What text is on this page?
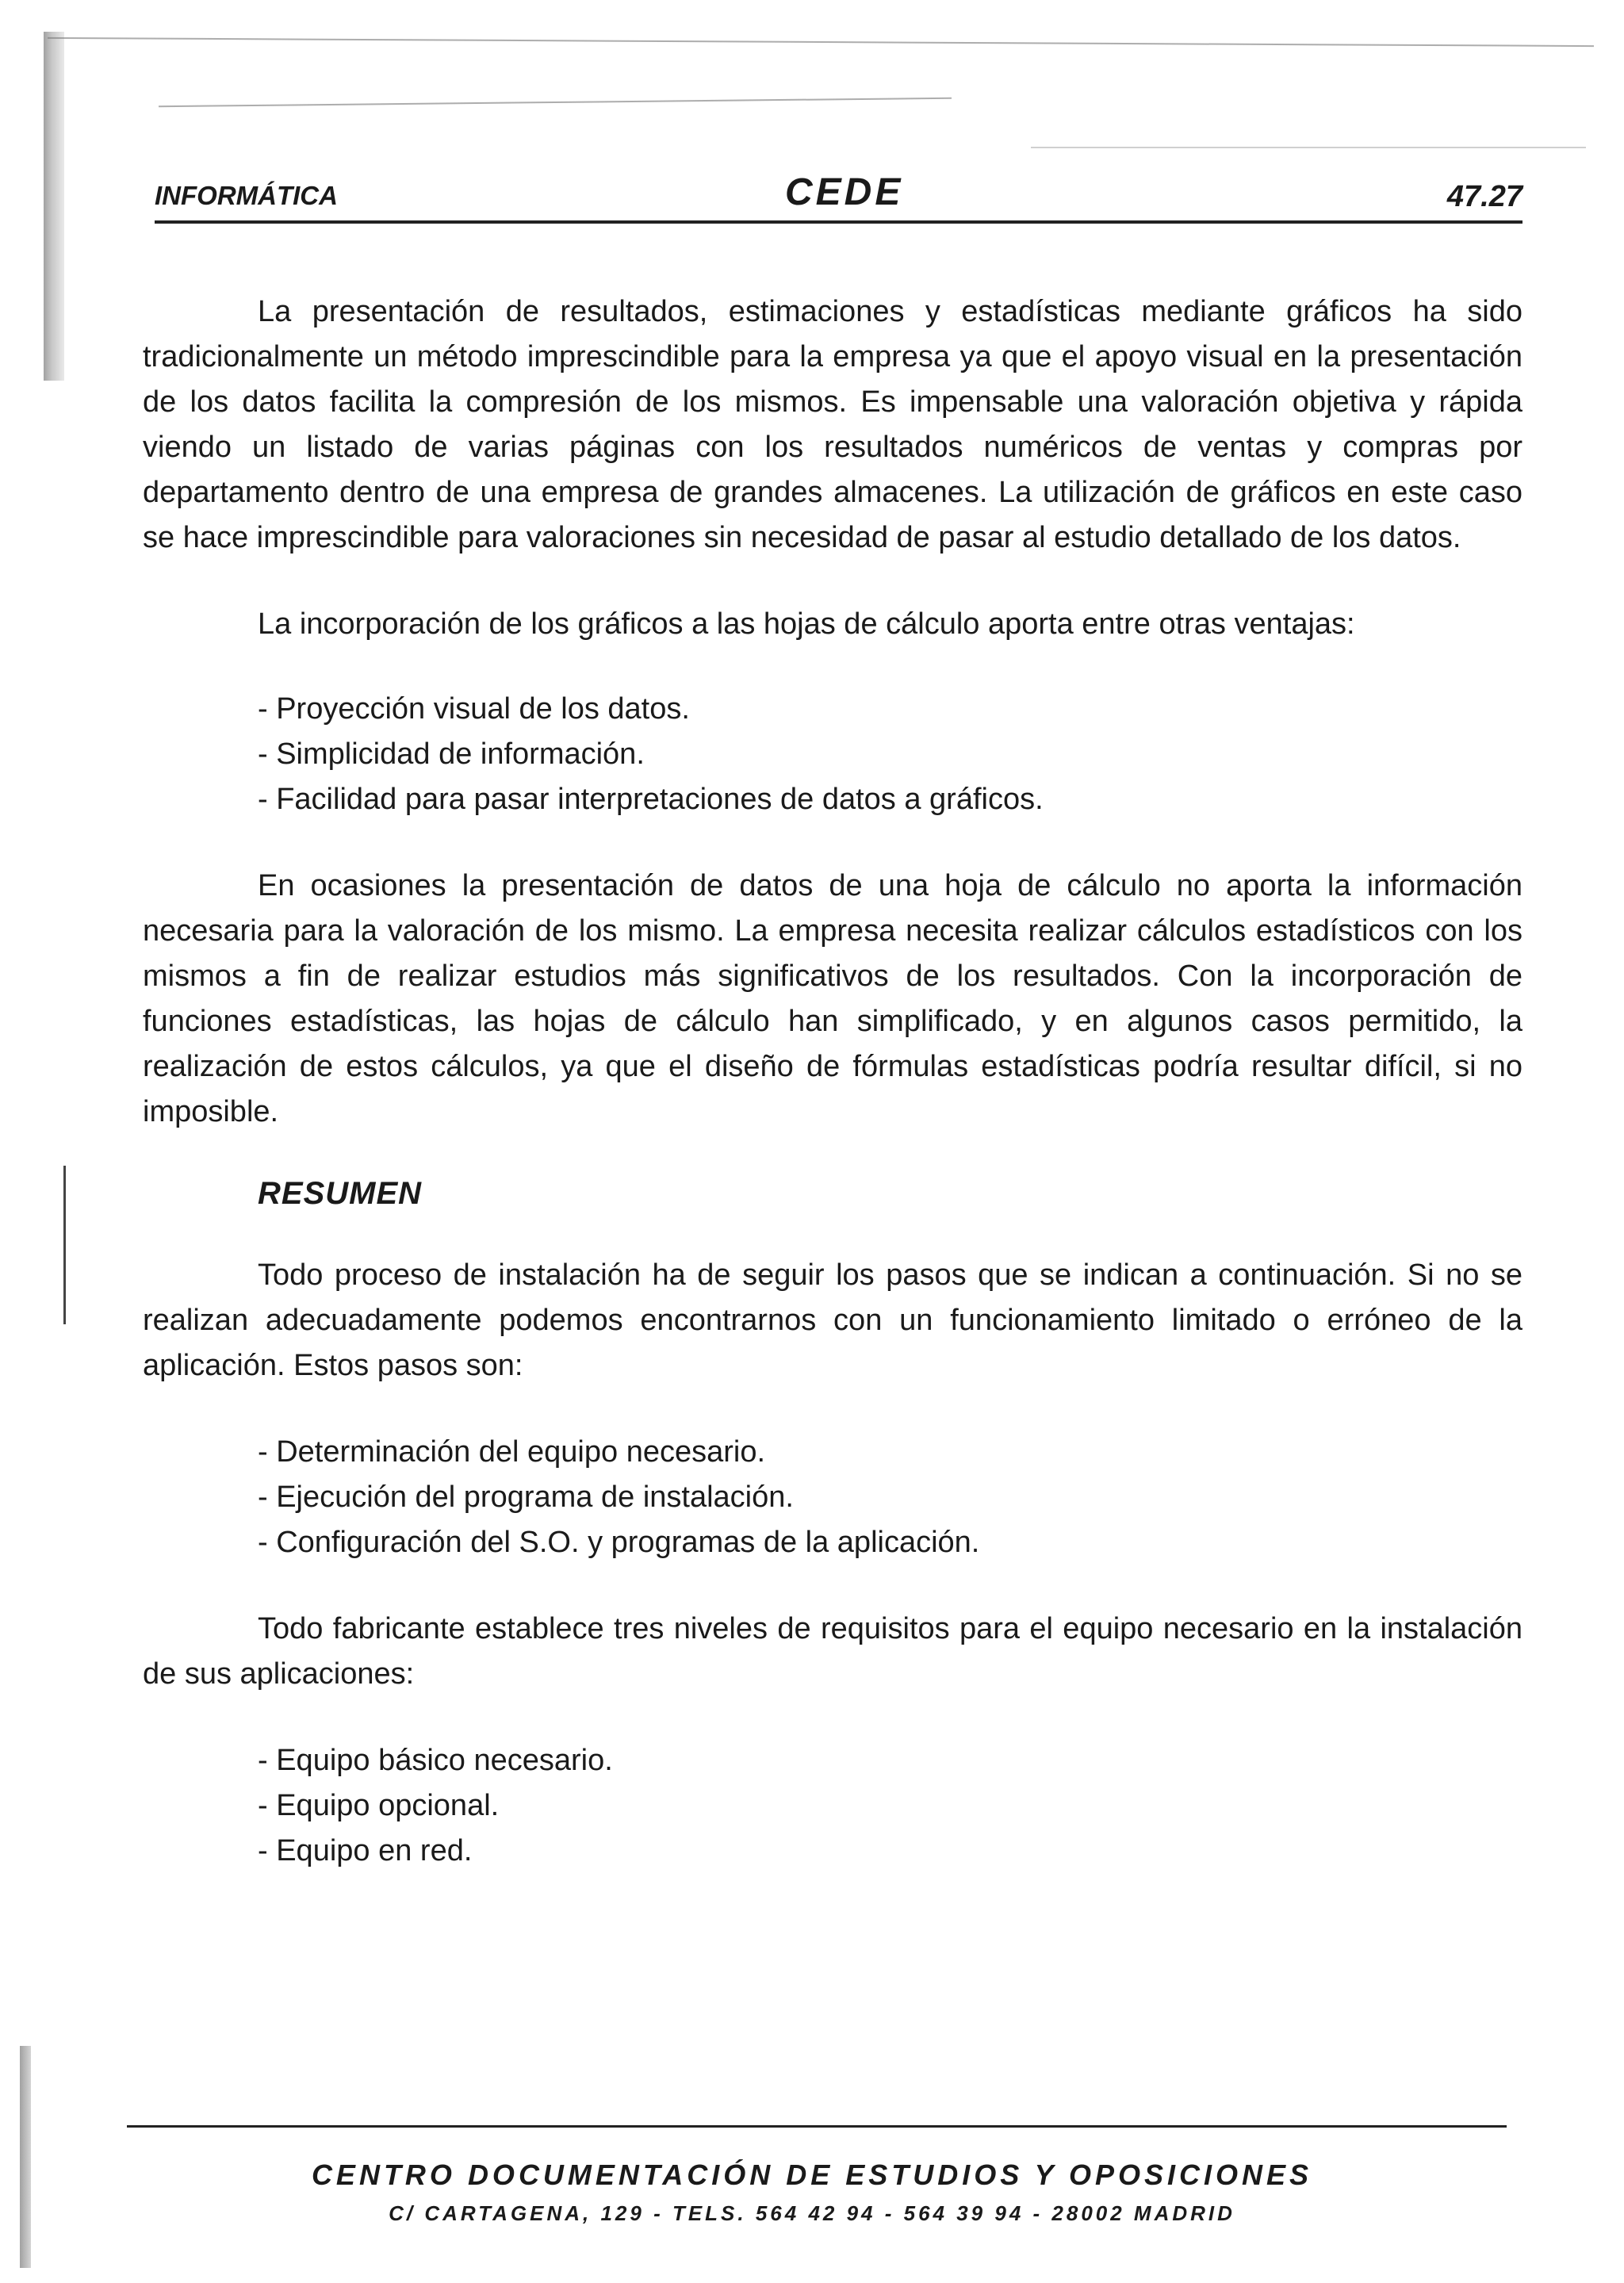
INFORMÁTICA	CEDE	47.27

La presentación de resultados, estimaciones y estadísticas mediante gráficos ha sido tradicionalmente un método imprescindible para la empresa ya que el apoyo visual en la presentación de los datos facilita la compresión de los mismos. Es impensable una valoración objetiva y rápida viendo un listado de varias páginas con los resultados numéricos de ventas y compras por departamento dentro de una empresa de grandes almacenes. La utilización de gráficos en este caso se hace imprescindible para valoraciones sin necesidad de pasar al estudio detallado de los datos.

La incorporación de los gráficos a las hojas de cálculo aporta entre otras ventajas:

- Proyección visual de los datos.
- Simplicidad de información.
- Facilidad para pasar interpretaciones de datos a gráficos.

En ocasiones la presentación de datos de una hoja de cálculo no aporta la información necesaria para la valoración de los mismo. La empresa necesita realizar cálculos estadísticos con los mismos a fin de realizar estudios más significativos de los resultados. Con la incorporación de funciones estadísticas, las hojas de cálculo han simplificado, y en algunos casos permitido, la realización de estos cálculos, ya que el diseño de fórmulas estadísticas podría resultar difícil, si no imposible.

RESUMEN

Todo proceso de instalación ha de seguir los pasos que se indican a continuación. Si no se realizan adecuadamente podemos encontrarnos con un funcionamiento limitado o erróneo de la aplicación. Estos pasos son:

- Determinación del equipo necesario.
- Ejecución del programa de instalación.
- Configuración del S.O. y programas de la aplicación.

Todo fabricante establece tres niveles de requisitos para el equipo necesario en la instalación de sus aplicaciones:

- Equipo básico necesario.
- Equipo opcional.
- Equipo en red.
CENTRO DOCUMENTACIÓN DE ESTUDIOS Y OPOSICIONES
C/ CARTAGENA, 129 - TELS. 564 42 94 - 564 39 94 - 28002 MADRID
